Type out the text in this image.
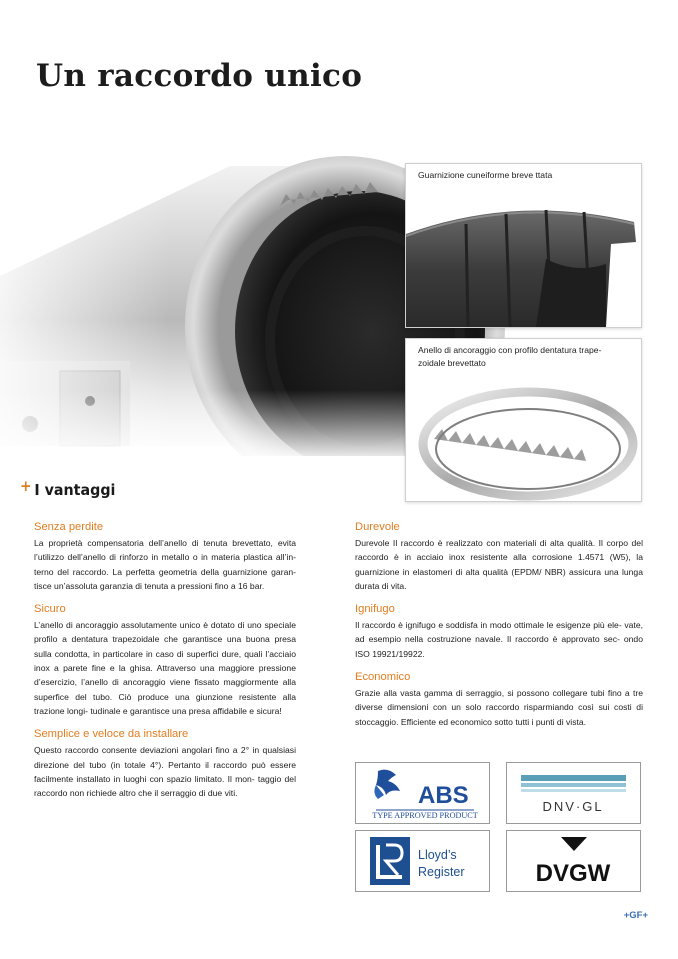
Un raccordo unico
Guarnizione cuneiforme breve ttata
Anello di ancoraggio con profilo dentatura trape- zoidale brevettato
+ I vantaggi
Senza perdite

La proprietà compensatoria dell’anello di tenuta brevettato, evita l’utilizzo dell’anello di rinforzo in metallo o in materia plastica all’in- terno del raccordo. La perfetta geometria della guarnizione garan- tisce un’assoluta garanzia di tenuta a pressioni fino a 16 bar.

Sicuro

L’anello di ancoraggio assolutamente unico è dotato di uno speciale profilo a dentatura trapezoidale che garantisce una buona presa sulla condotta, in particolare in caso di superfici dure, quali l’acciaio inox a parete fine e la ghisa. Attraverso una maggiore pressione d’esercizio, l’anello di ancoraggio viene fissato maggiormente alla superfice del tubo. Ciò produce una giunzione resistente alla trazione longi- tudinale e garantisce una presa affidabile e sicura!

Semplice e veloce da installare

Questo raccordo consente deviazioni angolari fino a 2° in qualsiasi direzione del tubo (in totale 4°). Pertanto il raccordo può essere facilmente installato in luoghi con spazio limitato. Il mon- taggio del raccordo non richiede altro che il serraggio di due viti.

Durevole

Durevole Il raccordo è realizzato con materiali di alta qualità. Il corpo del raccordo è in acciaio inox resistente alla corrosione 1.4571 (W5), la guarnizione in elastomeri di alta qualità (EPDM/ NBR) assicura una lunga durata di vita.

Ignifugo

Il raccordo è ignifugo e soddisfa in modo ottimale le esigenze più ele- vate, ad esempio nella costruzione navale. Il raccordo è approvato sec- ondo ISO 19921/19922.

Economico

Grazie alla vasta gamma di serraggio, si possono collegare tubi fino a tre diverse dimensioni con un solo raccordo risparmiando così sui costi di stoccaggio. Efficiente ed economico sotto tutti i punti di vista.

ABS
TYPE APPROVED PRODUCT
DNV·GL
Lloyd’s
Register	DVGW
+GF+
